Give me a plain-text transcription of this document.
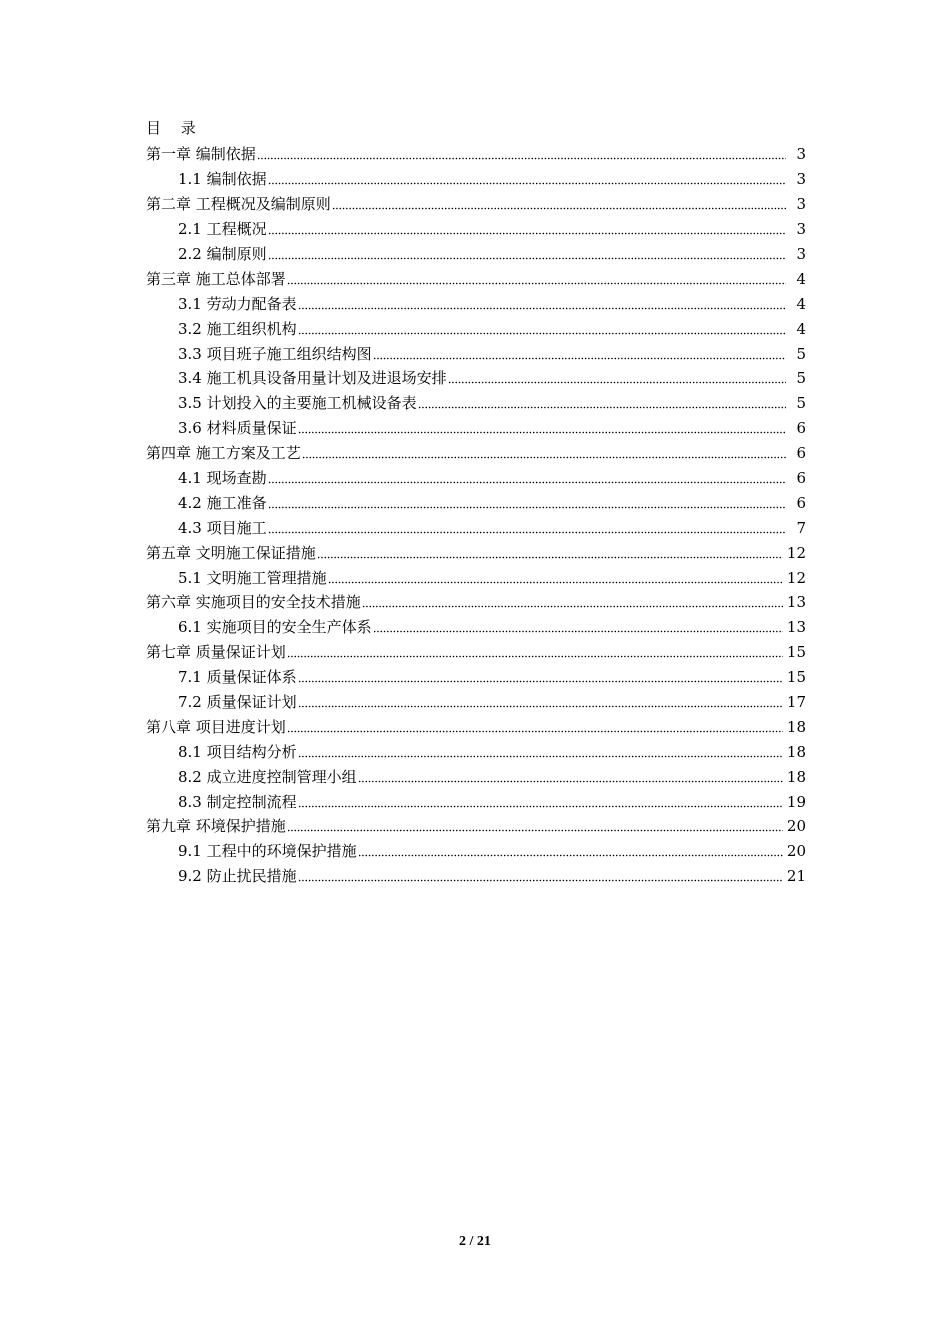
目　 录
第一章 编制依据	3
1.1 编制依据	3
第二章 工程概况及编制原则	3
2.1 工程概况	3
2.2 编制原则	3
第三章 施工总体部署	4
3.1 劳动力配备表	4
3.2 施工组织机构	4
3.3 项目班子施工组织结构图	5
3.4 施工机具设备用量计划及进退场安排	5
3.5 计划投入的主要施工机械设备表	5
3.6 材料质量保证	6
第四章 施工方案及工艺	6
4.1 现场查勘	6
4.2 施工准备	6
4.3 项目施工	7
第五章 文明施工保证措施	12
5.1 文明施工管理措施	12
第六章 实施项目的安全技术措施	13
6.1 实施项目的安全生产体系	13
第七章 质量保证计划	15
7.1 质量保证体系	15
7.2 质量保证计划	17
第八章 项目进度计划	18
8.1 项目结构分析	18
8.2 成立进度控制管理小组	18
8.3 制定控制流程	19
第九章 环境保护措施	20
9.1 工程中的环境保护措施	20
9.2 防止扰民措施	21
2 / 21
